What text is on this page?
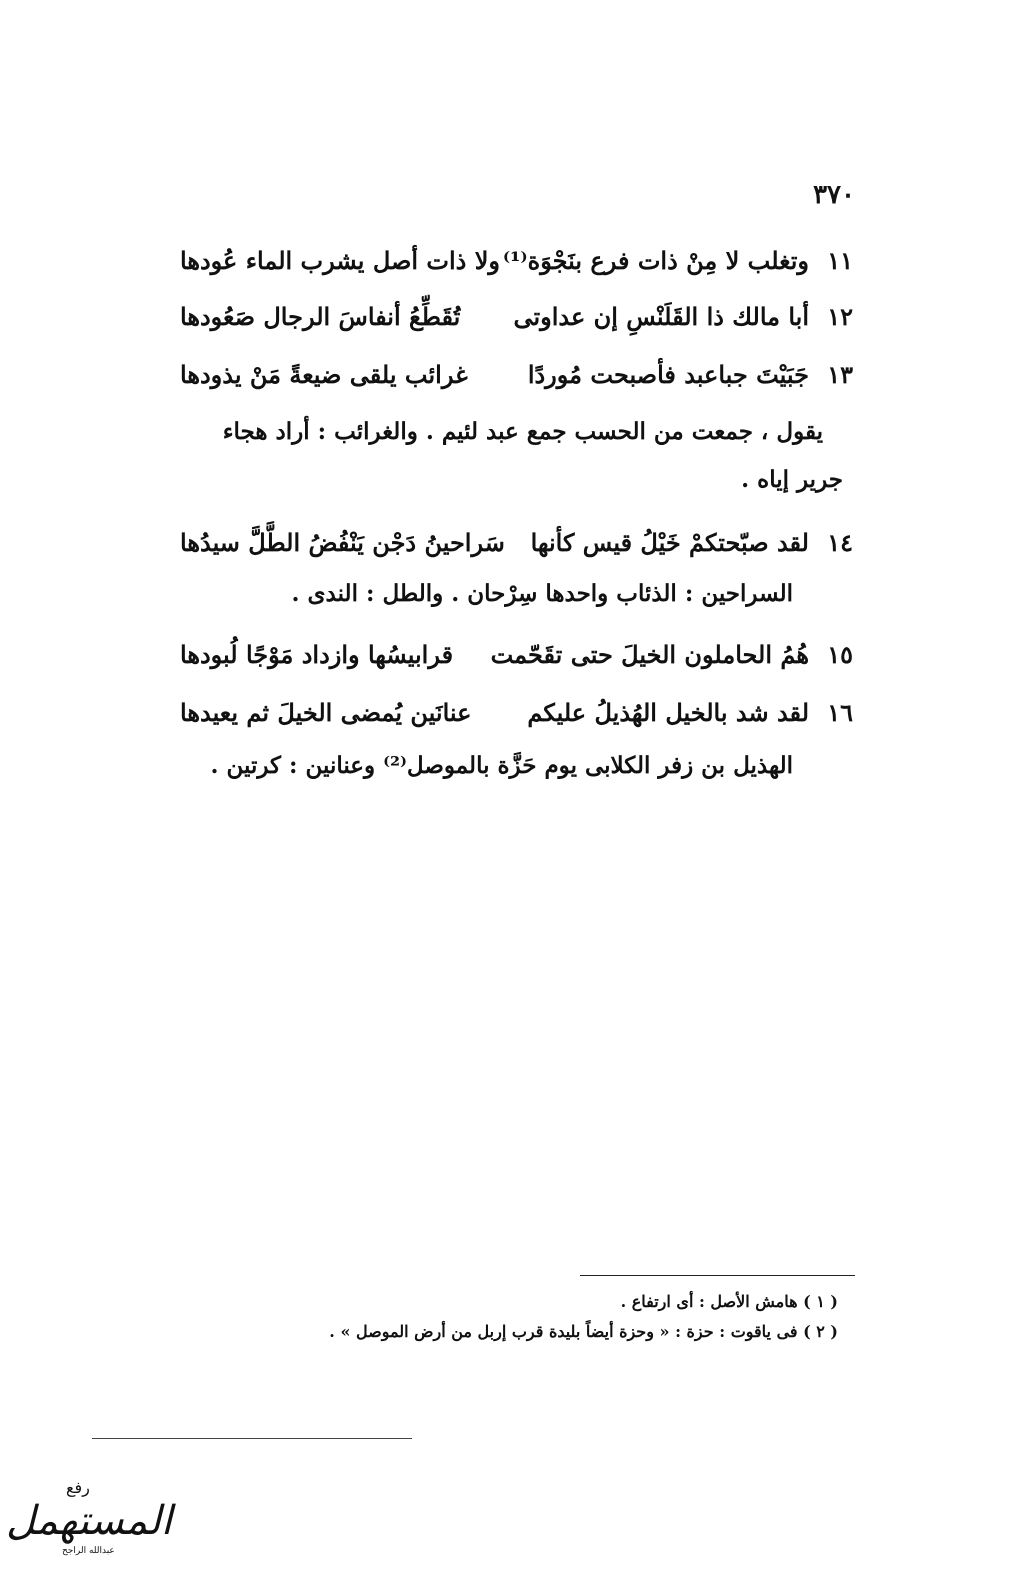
٣٧٠
١١
وتغلب لا مِنْ ذات فرع بنَجْوَة⁽¹⁾
ولا ذات أصل يشرب الماء عُودها
١٢
أبا مالك ذا القَلَنْسِ إن عداوتى
تُقَطِّعُ أنفاسَ الرجال صَعُودها
١٣
جَبَيْتَ جباعبد فأصبحت مُوردًا
غرائب يلقى ضيعةً مَنْ يذودها
يقول ، جمعت من الحسب جمع عبد لئيم . والغرائب : أراد هجاء
جرير إياه .
١٤
لقد صبّحتكمْ خَيْلُ قيس كأنها
سَراحينُ دَجْن يَنْفُضُ الطَّلَّ سيدُها
السراحين : الذئاب واحدها سِرْحان . والطل : الندى .
١٥
هُمُ الحاملون الخيلَ حتى تقَحّمت
قرابيسُها وازداد مَوْجًا لُبودها
١٦
لقد شد بالخيل الهُذيلُ عليكم
عنانَين يُمضى الخيلَ ثم يعيدها
الهذيل بن زفر الكلابى يوم حَزَّة بالموصل⁽²⁾ وعنانين : كرتين .
( ١ ) هامش الأصل : أى ارتفاع .
( ٢ ) فى ياقوت : حزة : « وحزة أيضاً بليدة قرب إربل من أرض الموصل » .
رفع
المستهمل
عبدالله الراجح
